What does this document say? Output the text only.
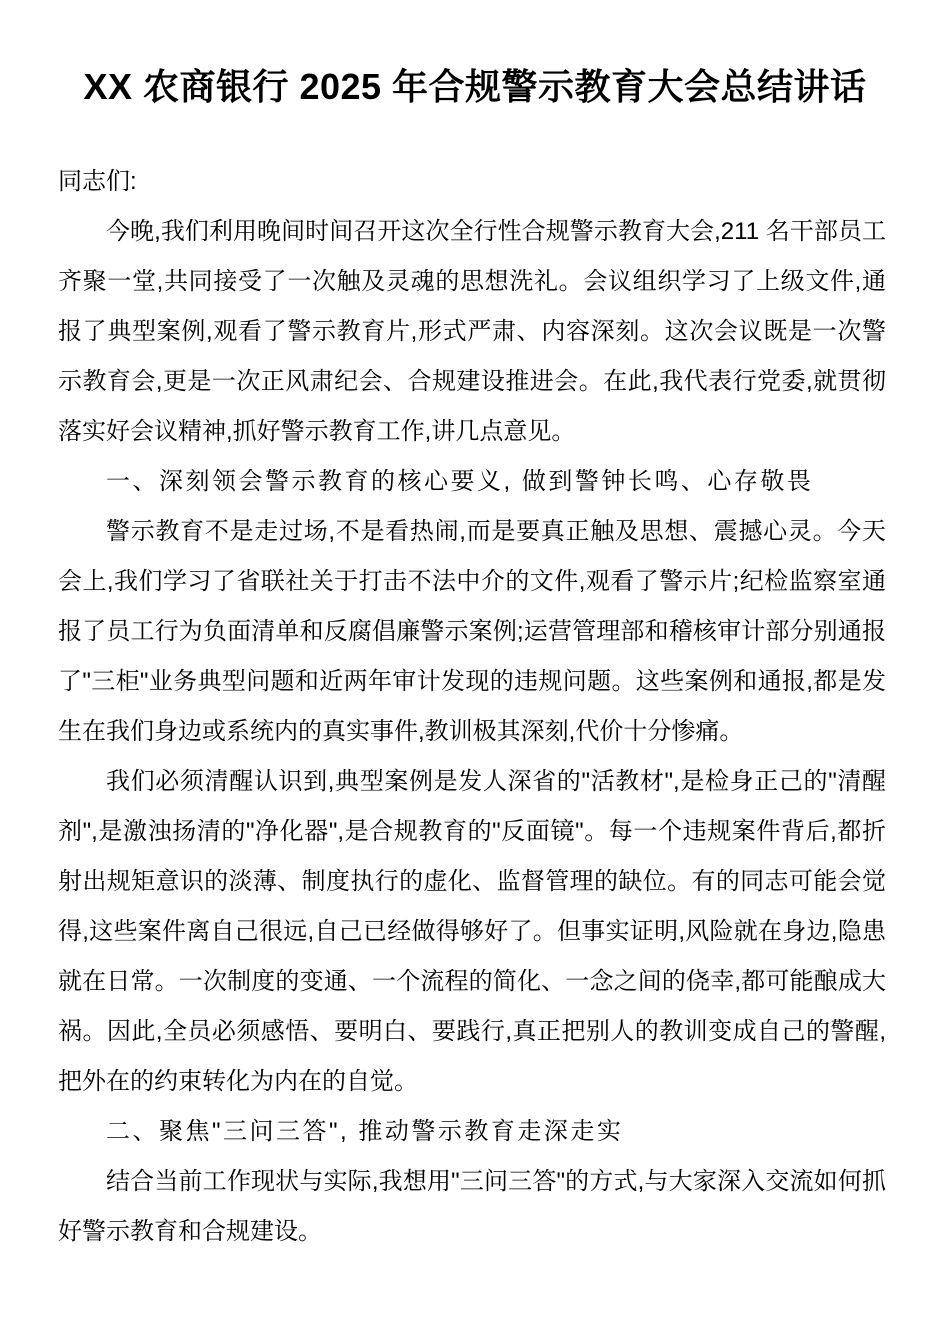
XX 农商银行 2025 年合规警示教育大会总结讲话

同志们:

今晚,我们利用晚间时间召开这次全行性合规警示教育大会,211 名干部员工齐聚一堂,共同接受了一次触及灵魂的思想洗礼。会议组织学习了上级文件,通报了典型案例,观看了警示教育片,形式严肃、内容深刻。这次会议既是一次警示教育会,更是一次正风肃纪会、合规建设推进会。在此,我代表行党委,就贯彻落实好会议精神,抓好警示教育工作,讲几点意见。

一、深刻领会警示教育的核心要义, 做到警钟长鸣、心存敬畏

警示教育不是走过场,不是看热闹,而是要真正触及思想、震撼心灵。今天会上,我们学习了省联社关于打击不法中介的文件,观看了警示片;纪检监察室通报了员工行为负面清单和反腐倡廉警示案例;运营管理部和稽核审计部分别通报了"三柜"业务典型问题和近两年审计发现的违规问题。这些案例和通报,都是发生在我们身边或系统内的真实事件,教训极其深刻,代价十分惨痛。

我们必须清醒认识到,典型案例是发人深省的"活教材",是检身正己的"清醒剂",是激浊扬清的"净化器",是合规教育的"反面镜"。每一个违规案件背后,都折射出规矩意识的淡薄、制度执行的虚化、监督管理的缺位。有的同志可能会觉得,这些案件离自己很远,自己已经做得够好了。但事实证明,风险就在身边,隐患就在日常。一次制度的变通、一个流程的简化、一念之间的侥幸,都可能酿成大祸。因此,全员必须感悟、要明白、要践行,真正把别人的教训变成自己的警醒,把外在的约束转化为内在的自觉。

二、聚焦"三问三答", 推动警示教育走深走实

结合当前工作现状与实际,我想用"三问三答"的方式,与大家深入交流如何抓好警示教育和合规建设。
